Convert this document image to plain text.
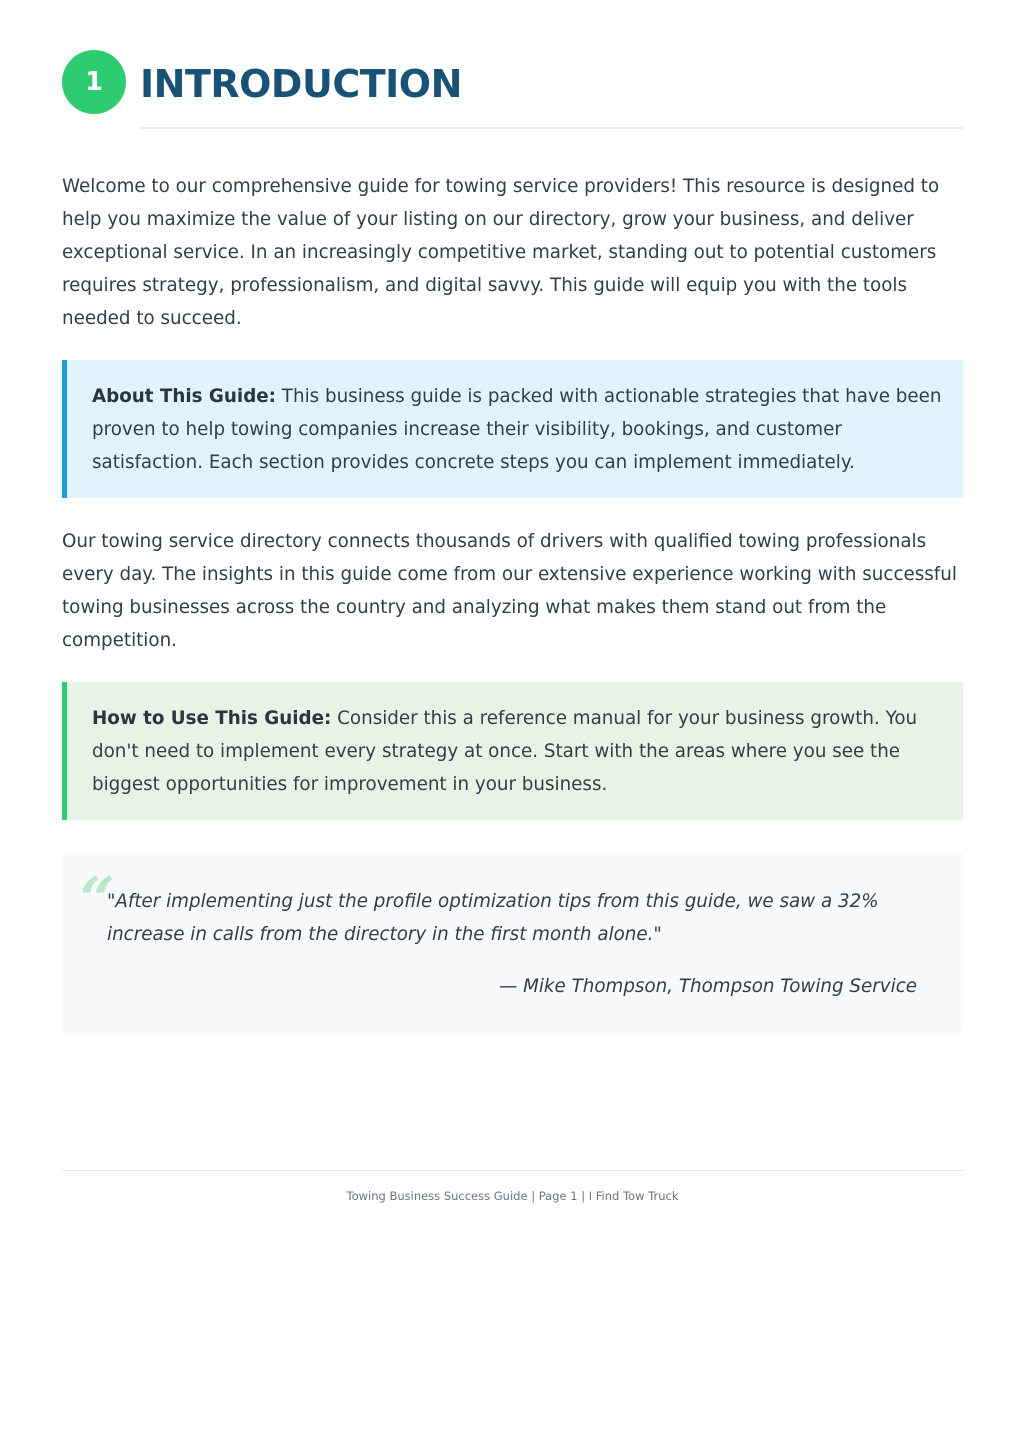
1 INTRODUCTION

Welcome to our comprehensive guide for towing service providers! This resource is designed to help you maximize the value of your listing on our directory, grow your business, and deliver exceptional service. In an increasingly competitive market, standing out to potential customers requires strategy, professionalism, and digital savvy. This guide will equip you with the tools needed to succeed.

About This Guide: This business guide is packed with actionable strategies that have been proven to help towing companies increase their visibility, bookings, and customer satisfaction. Each section provides concrete steps you can implement immediately.

Our towing service directory connects thousands of drivers with qualified towing professionals every day. The insights in this guide come from our extensive experience working with successful towing businesses across the country and analyzing what makes them stand out from the competition.

How to Use This Guide: Consider this a reference manual for your business growth. You don't need to implement every strategy at once. Start with the areas where you see the biggest opportunities for improvement in your business.
“

"After implementing just the profile optimization tips from this guide, we saw a 32% increase in calls from the directory in the first month alone."

— Mike Thompson, Thompson Towing Service

Towing Business Success Guide | Page 1 | I Find Tow Truck
